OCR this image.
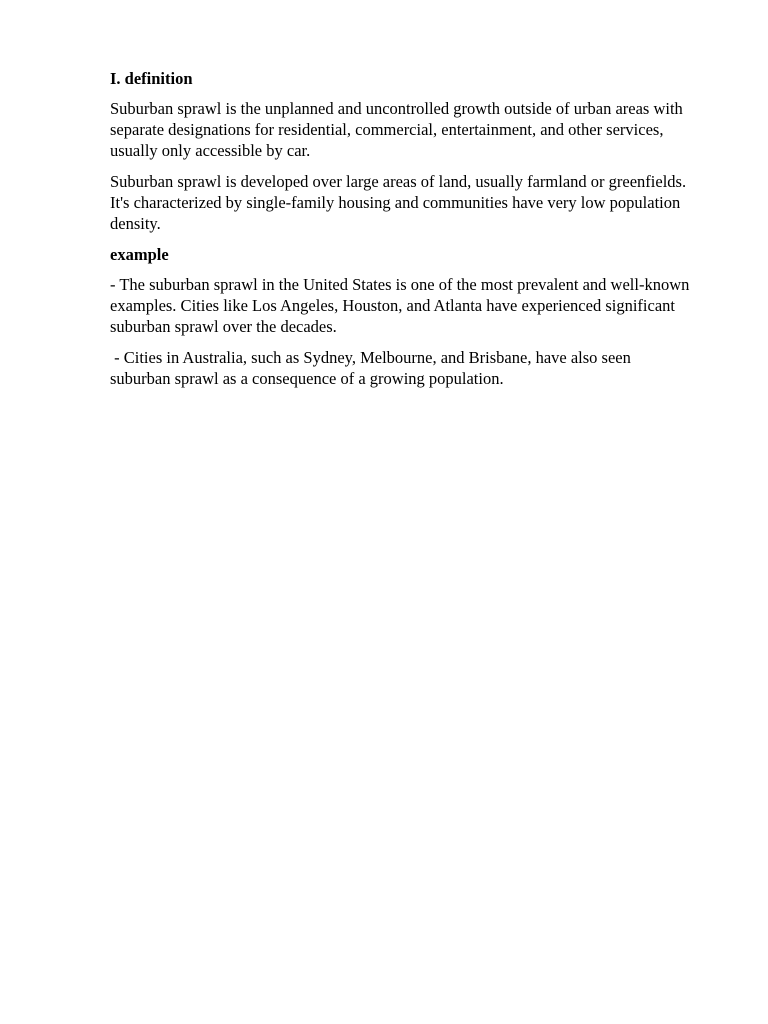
I. definition
Suburban sprawl is the unplanned and uncontrolled growth outside of urban areas with separate designations for residential, commercial, entertainment, and other services, usually only accessible by car.
Suburban sprawl is developed over large areas of land, usually farmland or greenfields. It's characterized by single-family housing and communities have very low population density.
example
- The suburban sprawl in the United States is one of the most prevalent and well-known examples. Cities like Los Angeles, Houston, and Atlanta have experienced significant suburban sprawl over the decades.
- Cities in Australia, such as Sydney, Melbourne, and Brisbane, have also seen suburban sprawl as a consequence of a growing population.
